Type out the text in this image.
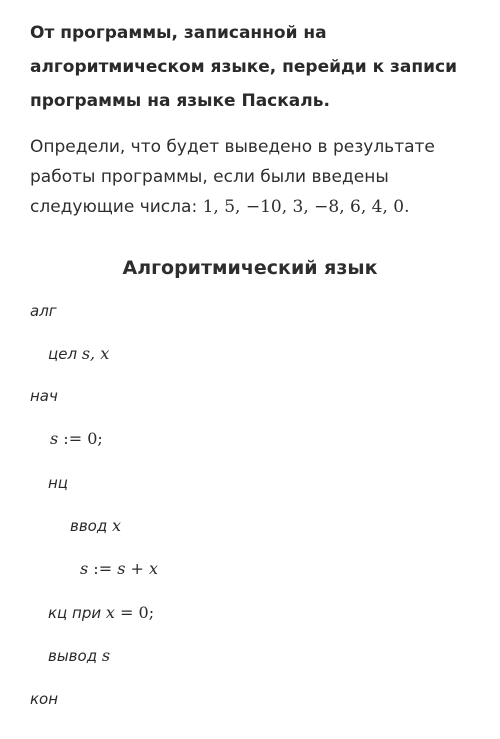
От программы, записанной на алгоритмическом языке, перейди к записи программы на языке Паскаль.

Определи, что будет выведено в результате работы программы, если были введены следующие числа: 1, 5, −10, 3, −8, 6, 4, 0.

Алгоритмический язык
алг
цел s, x
нач
s := 0;
нц
ввод x
s := s + x
кц при x = 0;
вывод s
кон
